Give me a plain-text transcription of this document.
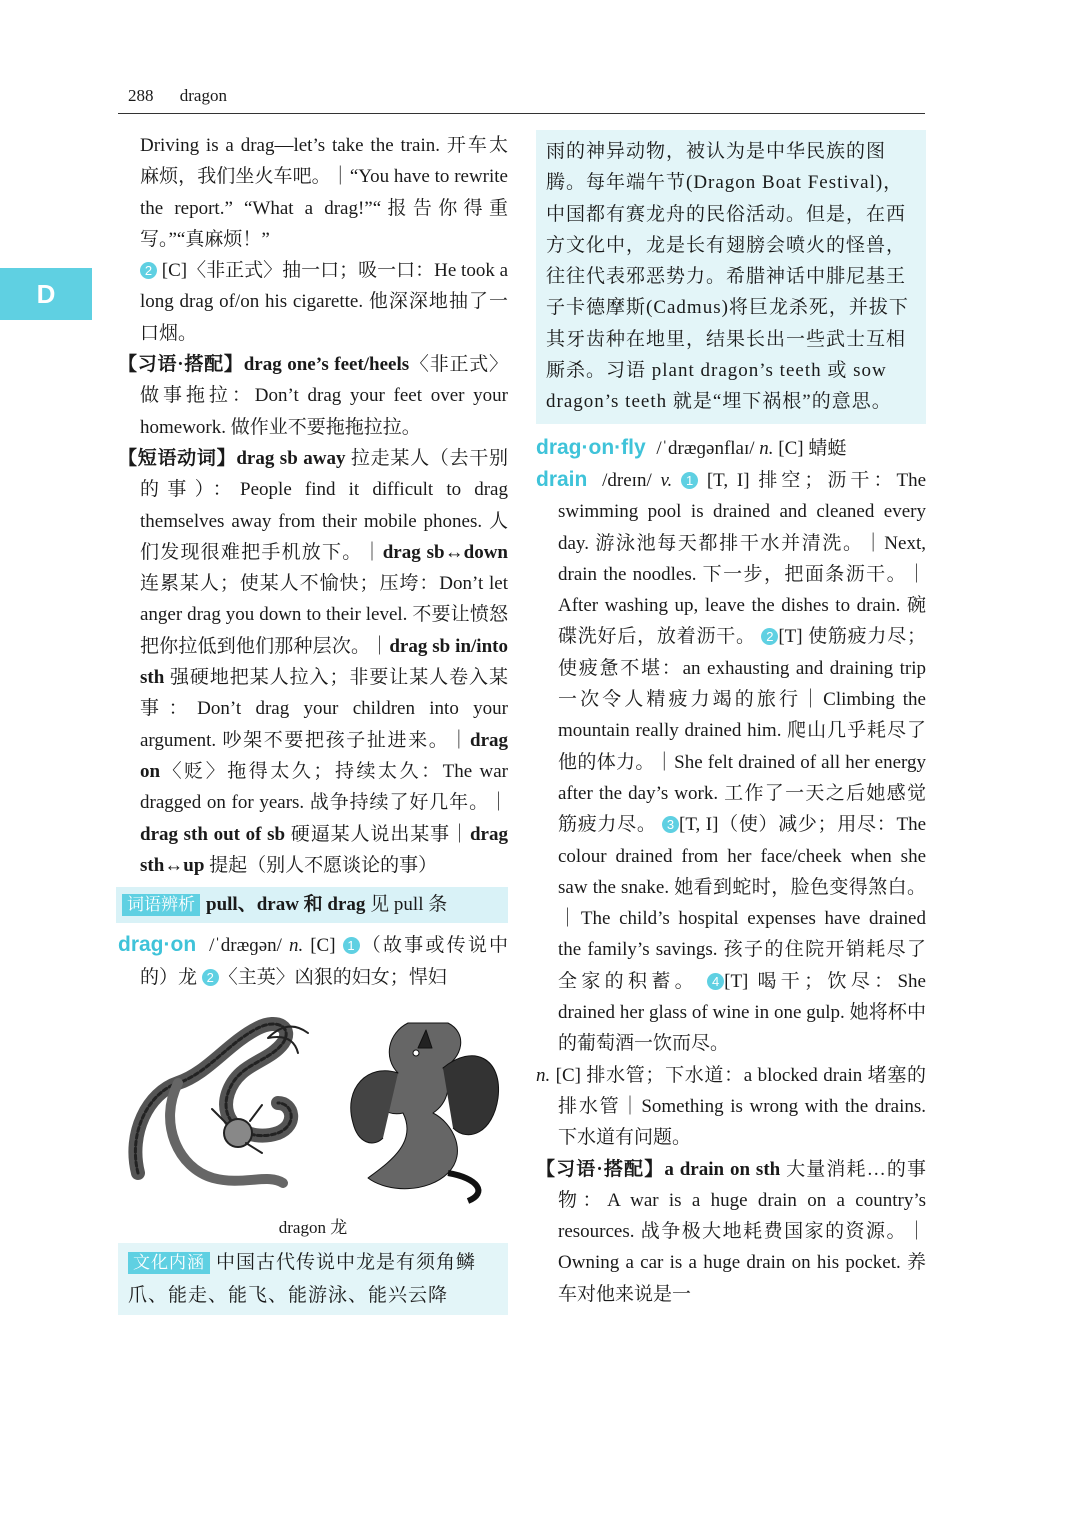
288 dragon
D

Driving is a drag—let’s take the train. 开车太麻烦，我们坐火车吧。｜“You have to rewrite the report.” “What a drag!”“报告你得重写。”“真麻烦！”

2 [C]〈非正式〉抽一口；吸一口：He took a long drag of/on his cigarette. 他深深地抽了一口烟。

【习语·搭配】drag one’s feet/heels〈非正式〉做事拖拉：Don’t drag your feet over your homework. 做作业不要拖拖拉拉。

【短语动词】drag sb away 拉走某人（去干别的事）：People find it difficult to drag themselves away from their mobile phones. 人们发现很难把手机放下。｜drag sb↔down 连累某人；使某人不愉快；压垮：Don’t let anger drag you down to their level. 不要让愤怒把你拉低到他们那种层次。｜drag sb in/into sth 强硬地把某人拉入；非要让某人卷入某事：Don’t drag your children into your argument. 吵架不要把孩子扯进来。｜drag on〈贬〉拖得太久；持续太久：The war dragged on for years. 战争持续了好几年。｜drag sth out of sb 硬逼某人说出某事｜drag sth↔up 提起（别人不愿谈论的事）

词语辨析 pull、draw 和 drag 见 pull 条

drag·on /ˈdræɡən/ n. [C] 1 （故事或传说中的）龙 2 〈主英〉凶狠的妇女；悍妇

dragon 龙
文化内涵 中国古代传说中龙是有须角鳞爪、能走、能飞、能游泳、能兴云降
雨的神异动物，被认为是中华民族的图腾。每年端午节(Dragon Boat Festival)，中国都有赛龙舟的民俗活动。但是，在西方文化中，龙是长有翅膀会喷火的怪兽，往往代表邪恶势力。希腊神话中腓尼基王子卡德摩斯(Cadmus)将巨龙杀死，并拔下其牙齿种在地里，结果长出一些武士互相厮杀。习语 plant dragon’s teeth 或 sow dragon’s teeth 就是“埋下祸根”的意思。

drag·on·fly /ˈdræɡənflaɪ/ n. [C] 蜻蜓

drain /dreɪn/ v. 1 [T, I] 排空；沥干：The swimming pool is drained and cleaned every day. 游泳池每天都排干水并清洗。｜Next, drain the noodles. 下一步，把面条沥干。｜After washing up, leave the dishes to drain. 碗碟洗好后，放着沥干。 2 [T] 使筋疲力尽；使疲惫不堪：an exhausting and draining trip 一次令人精疲力竭的旅行｜Climbing the mountain really drained him. 爬山几乎耗尽了他的体力。｜She felt drained of all her energy after the day’s work. 工作了一天之后她感觉筋疲力尽。 3 [T, I]（使）减少；用尽：The colour drained from her face/cheek when she saw the snake. 她看到蛇时，脸色变得煞白。｜The child’s hospital expenses have drained the family’s savings. 孩子的住院开销耗尽了全家的积蓄。 4 [T] 喝干；饮尽：She drained her glass of wine in one gulp. 她将杯中的葡萄酒一饮而尽。

n. [C] 排水管；下水道：a blocked drain 堵塞的排水管｜Something is wrong with the drains. 下水道有问题。

【习语·搭配】a drain on sth 大量消耗…的事物：A war is a huge drain on a country’s resources. 战争极大地耗费国家的资源。｜Owning a car is a huge drain on his pocket. 养车对他来说是一
